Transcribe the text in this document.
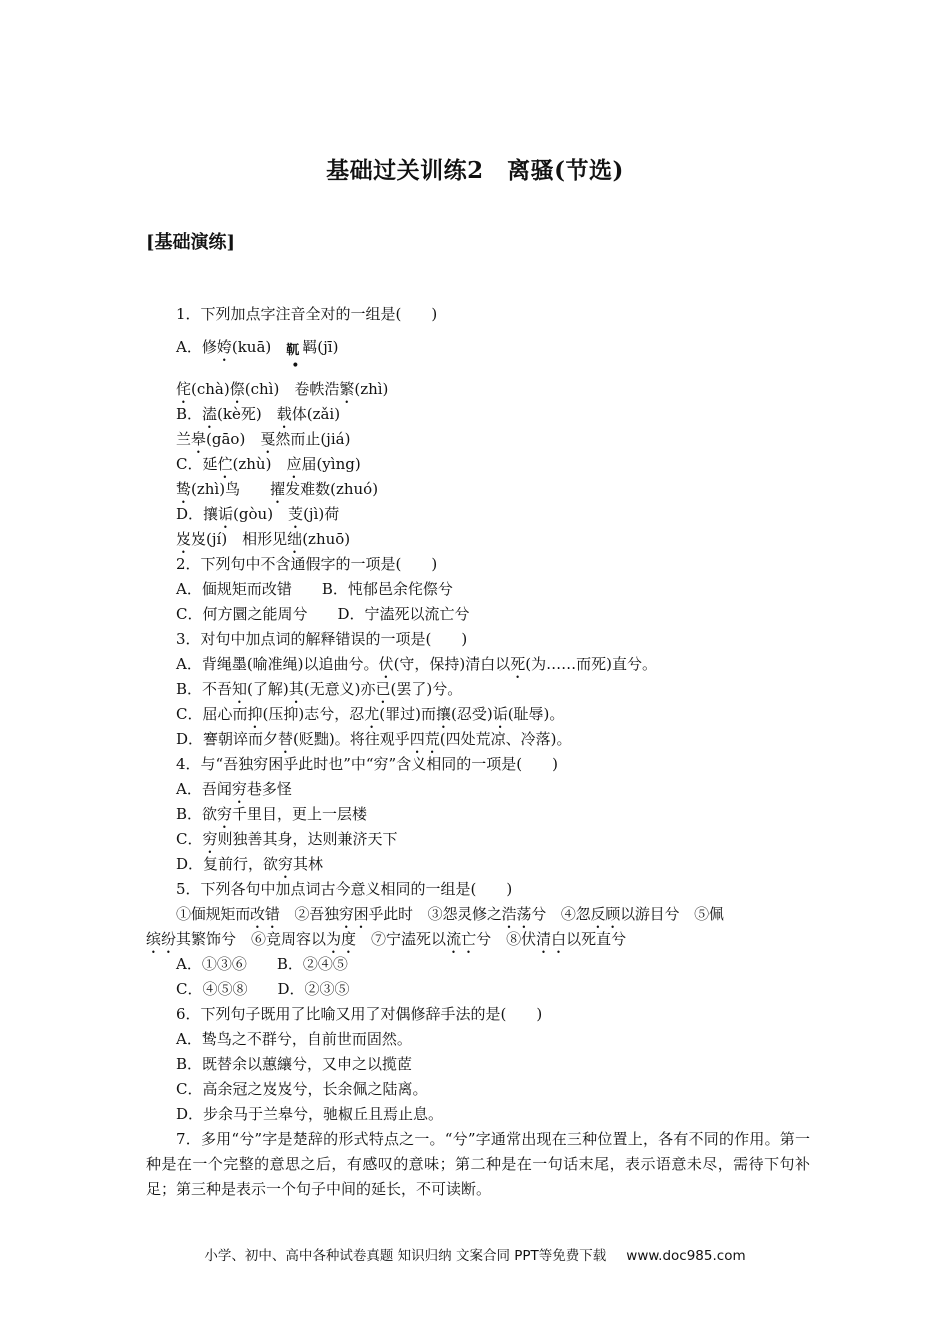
基础过关训练2　离骚(节选)
[基础演练]
1．下列加点字注音全对的一组是(　　)
A．修姱(kuā)　 靰
•
羁(jī)
侘(chà)傺(chì)　卷帙浩繁(zhì)
B．溘(kè死)　载体(zǎi)
兰皋(gāo)　戛然而止(jiá)
C．延伫(zhù)　应届(yìng)
鸷(zhì)鸟　　擢发难数(zhuó)
D．攘诟(gòu)　芰(jì)荷
岌岌(jí)　相形见绌(zhuō)
2．下列句中不含通假字的一项是(　　)
A．偭规矩而改错　　B．忳郁邑余侘傺兮
C．何方圜之能周兮　　D．宁溘死以流亡兮
3．对句中加点词的解释错误的一项是(　　)
A．背绳墨(喻准绳)以追曲兮。伏(守，保持)清白以死(为……而死)直兮。
B．不吾知(了解)其(无意义)亦已(罢了)兮。
C．屈心而抑(压抑)志兮，忍尤(罪过)而攘(忍受)诟(耻辱)。
D．謇朝谇而夕替(贬黜)。将往观乎四荒(四处荒凉、冷落)。
4．与“吾独穷困乎此时也”中“穷”含义相同的一项是(　　)
A．吾闻穷巷多怪
B．欲穷千里目，更上一层楼
C．穷则独善其身，达则兼济天下
D．复前行，欲穷其林
5．下列各句中加点词古今意义相同的一组是(　　)
①偭规矩而改错　②吾独穷困乎此时　③怨灵修之浩荡兮　④忽反顾以游目兮　⑤佩
缤纷其繁饰兮　⑥竞周容以为度　⑦宁溘死以流亡兮　⑧伏清白以死直兮
A．①③⑥　　B．②④⑤
C．④⑤⑧　　D．②③⑤
6．下列句子既用了比喻又用了对偶修辞手法的是(　　)
A．鸷鸟之不群兮，自前世而固然。
B．既替余以蕙纕兮，又申之以揽茝
C．高余冠之岌岌兮，长余佩之陆离。
D．步余马于兰皋兮，驰椒丘且焉止息。
7．多用“兮”字是楚辞的形式特点之一。“兮”字通常出现在三种位置上，各有不同的作用。第一种是在一个完整的意思之后，有感叹的意味；第二种是在一句话末尾，表示语意未尽，需待下句补足；第三种是表示一个句子中间的延长，不可读断。
小学、初中、高中各种试卷真题 知识归纳 文案合同 PPT等免费下载 www.doc985.com
